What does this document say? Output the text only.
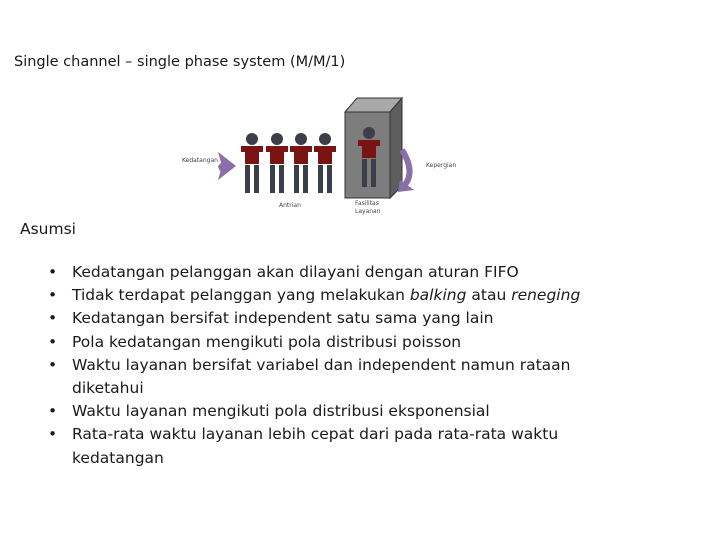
Single channel – single phase system (M/M/1)
Kedatangan
Antrian	Fasilitas
Layanan
Kepergian
Asumsi
• Kedatangan pelanggan akan dilayani dengan aturan FIFO
• Tidak terdapat pelanggan yang melakukan balking atau reneging
• Kedatangan bersifat independent satu sama yang lain
• Pola kedatangan mengikuti pola distribusi poisson
• Waktu layanan bersifat variabel dan independent namun rataan diketahui
• Waktu layanan mengikuti pola distribusi eksponensial
• Rata-rata waktu layanan lebih cepat dari pada rata-rata waktu kedatangan
